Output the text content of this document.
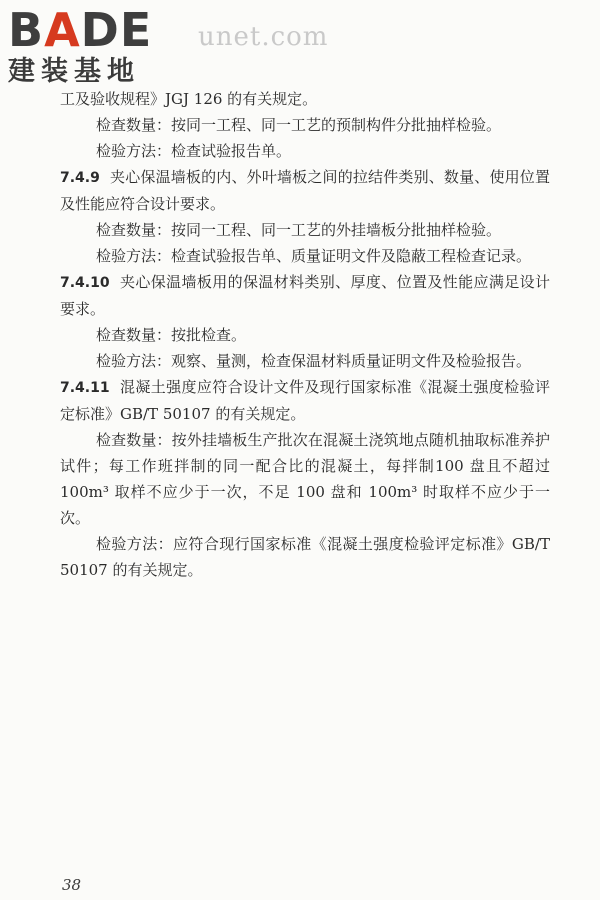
B A DE
建装基地
unet.com

工及验收规程》JGJ 126 的有关规定。

检查数量：按同一工程、同一工艺的预制构件分批抽样检验。

检验方法：检查试验报告单。

7.4.9 夹心保温墙板的内、外叶墙板之间的拉结件类别、数量、使用位置及性能应符合设计要求。

检查数量：按同一工程、同一工艺的外挂墙板分批抽样检验。

检验方法：检查试验报告单、质量证明文件及隐蔽工程检查记录。

7.4.10 夹心保温墙板用的保温材料类别、厚度、位置及性能应满足设计要求。

检查数量：按批检查。

检验方法：观察、量测，检查保温材料质量证明文件及检验报告。

7.4.11 混凝土强度应符合设计文件及现行国家标准《混凝土强度检验评定标准》GB/T 50107 的有关规定。

检查数量：按外挂墙板生产批次在混凝土浇筑地点随机抽取标准养护试件；每工作班拌制的同一配合比的混凝土，每拌制100 盘且不超过 100m³ 取样不应少于一次，不足 100 盘和 100m³ 时取样不应少于一次。

检验方法：应符合现行国家标准《混凝土强度检验评定标准》GB/T 50107 的有关规定。

38
